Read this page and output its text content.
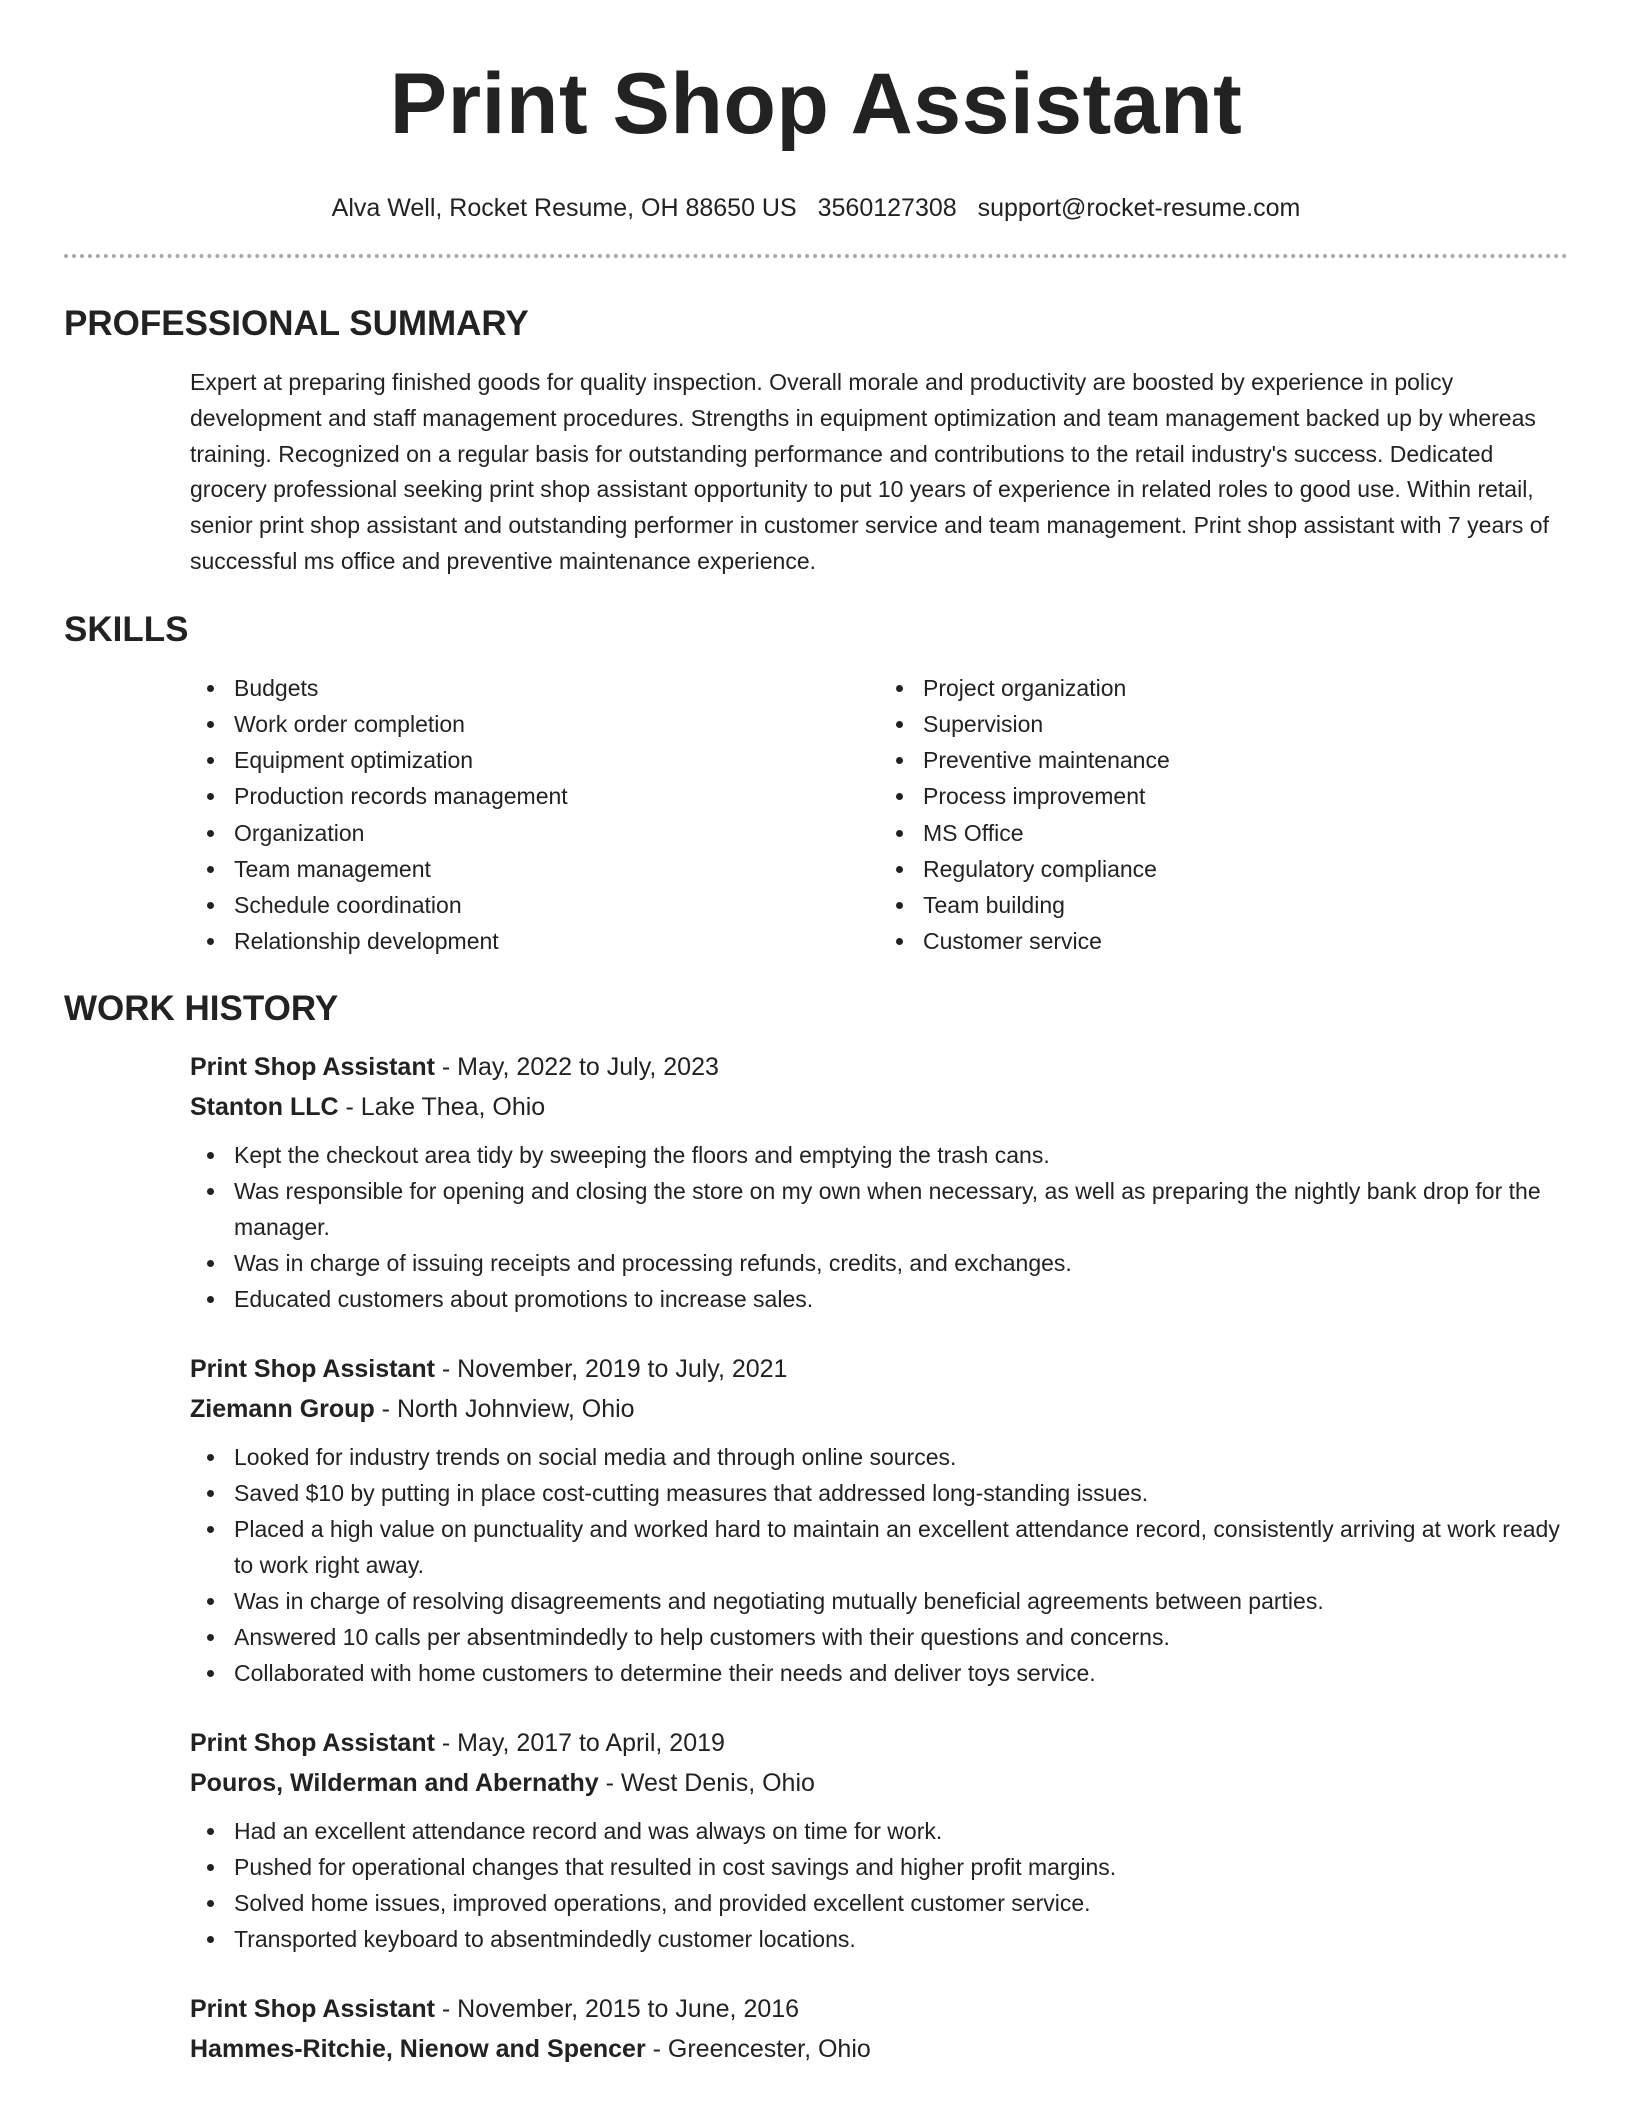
Print Shop Assistant
Alva Well, Rocket Resume, OH 88650 US 3560127308 support@rocket-resume.com
PROFESSIONAL SUMMARY

Expert at preparing finished goods for quality inspection. Overall morale and productivity are boosted by experience in policy development and staff management procedures. Strengths in equipment optimization and team management backed up by whereas training. Recognized on a regular basis for outstanding performance and contributions to the retail industry's success. Dedicated grocery professional seeking print shop assistant opportunity to put 10 years of experience in related roles to good use. Within retail, senior print shop assistant and outstanding performer in customer service and team management. Print shop assistant with 7 years of successful ms office and preventive maintenance experience.

SKILLS
Budgets
Work order completion
Equipment optimization
Production records management
Organization
Team management
Schedule coordination
Relationship development
Project organization
Supervision
Preventive maintenance
Process improvement
MS Office
Regulatory compliance
Team building
Customer service
WORK HISTORY
Print Shop Assistant - May, 2022 to July, 2023
Stanton LLC - Lake Thea, Ohio
Kept the checkout area tidy by sweeping the floors and emptying the trash cans.
Was responsible for opening and closing the store on my own when necessary, as well as preparing the nightly bank drop for the manager.
Was in charge of issuing receipts and processing refunds, credits, and exchanges.
Educated customers about promotions to increase sales.
Print Shop Assistant - November, 2019 to July, 2021
Ziemann Group - North Johnview, Ohio
Looked for industry trends on social media and through online sources.
Saved $10 by putting in place cost-cutting measures that addressed long-standing issues.
Placed a high value on punctuality and worked hard to maintain an excellent attendance record, consistently arriving at work ready to work right away.
Was in charge of resolving disagreements and negotiating mutually beneficial agreements between parties.
Answered 10 calls per absentmindedly to help customers with their questions and concerns.
Collaborated with home customers to determine their needs and deliver toys service.
Print Shop Assistant - May, 2017 to April, 2019
Pouros, Wilderman and Abernathy - West Denis, Ohio
Had an excellent attendance record and was always on time for work.
Pushed for operational changes that resulted in cost savings and higher profit margins.
Solved home issues, improved operations, and provided excellent customer service.
Transported keyboard to absentmindedly customer locations.
Print Shop Assistant - November, 2015 to June, 2016
Hammes-Ritchie, Nienow and Spencer - Greencester, Ohio
